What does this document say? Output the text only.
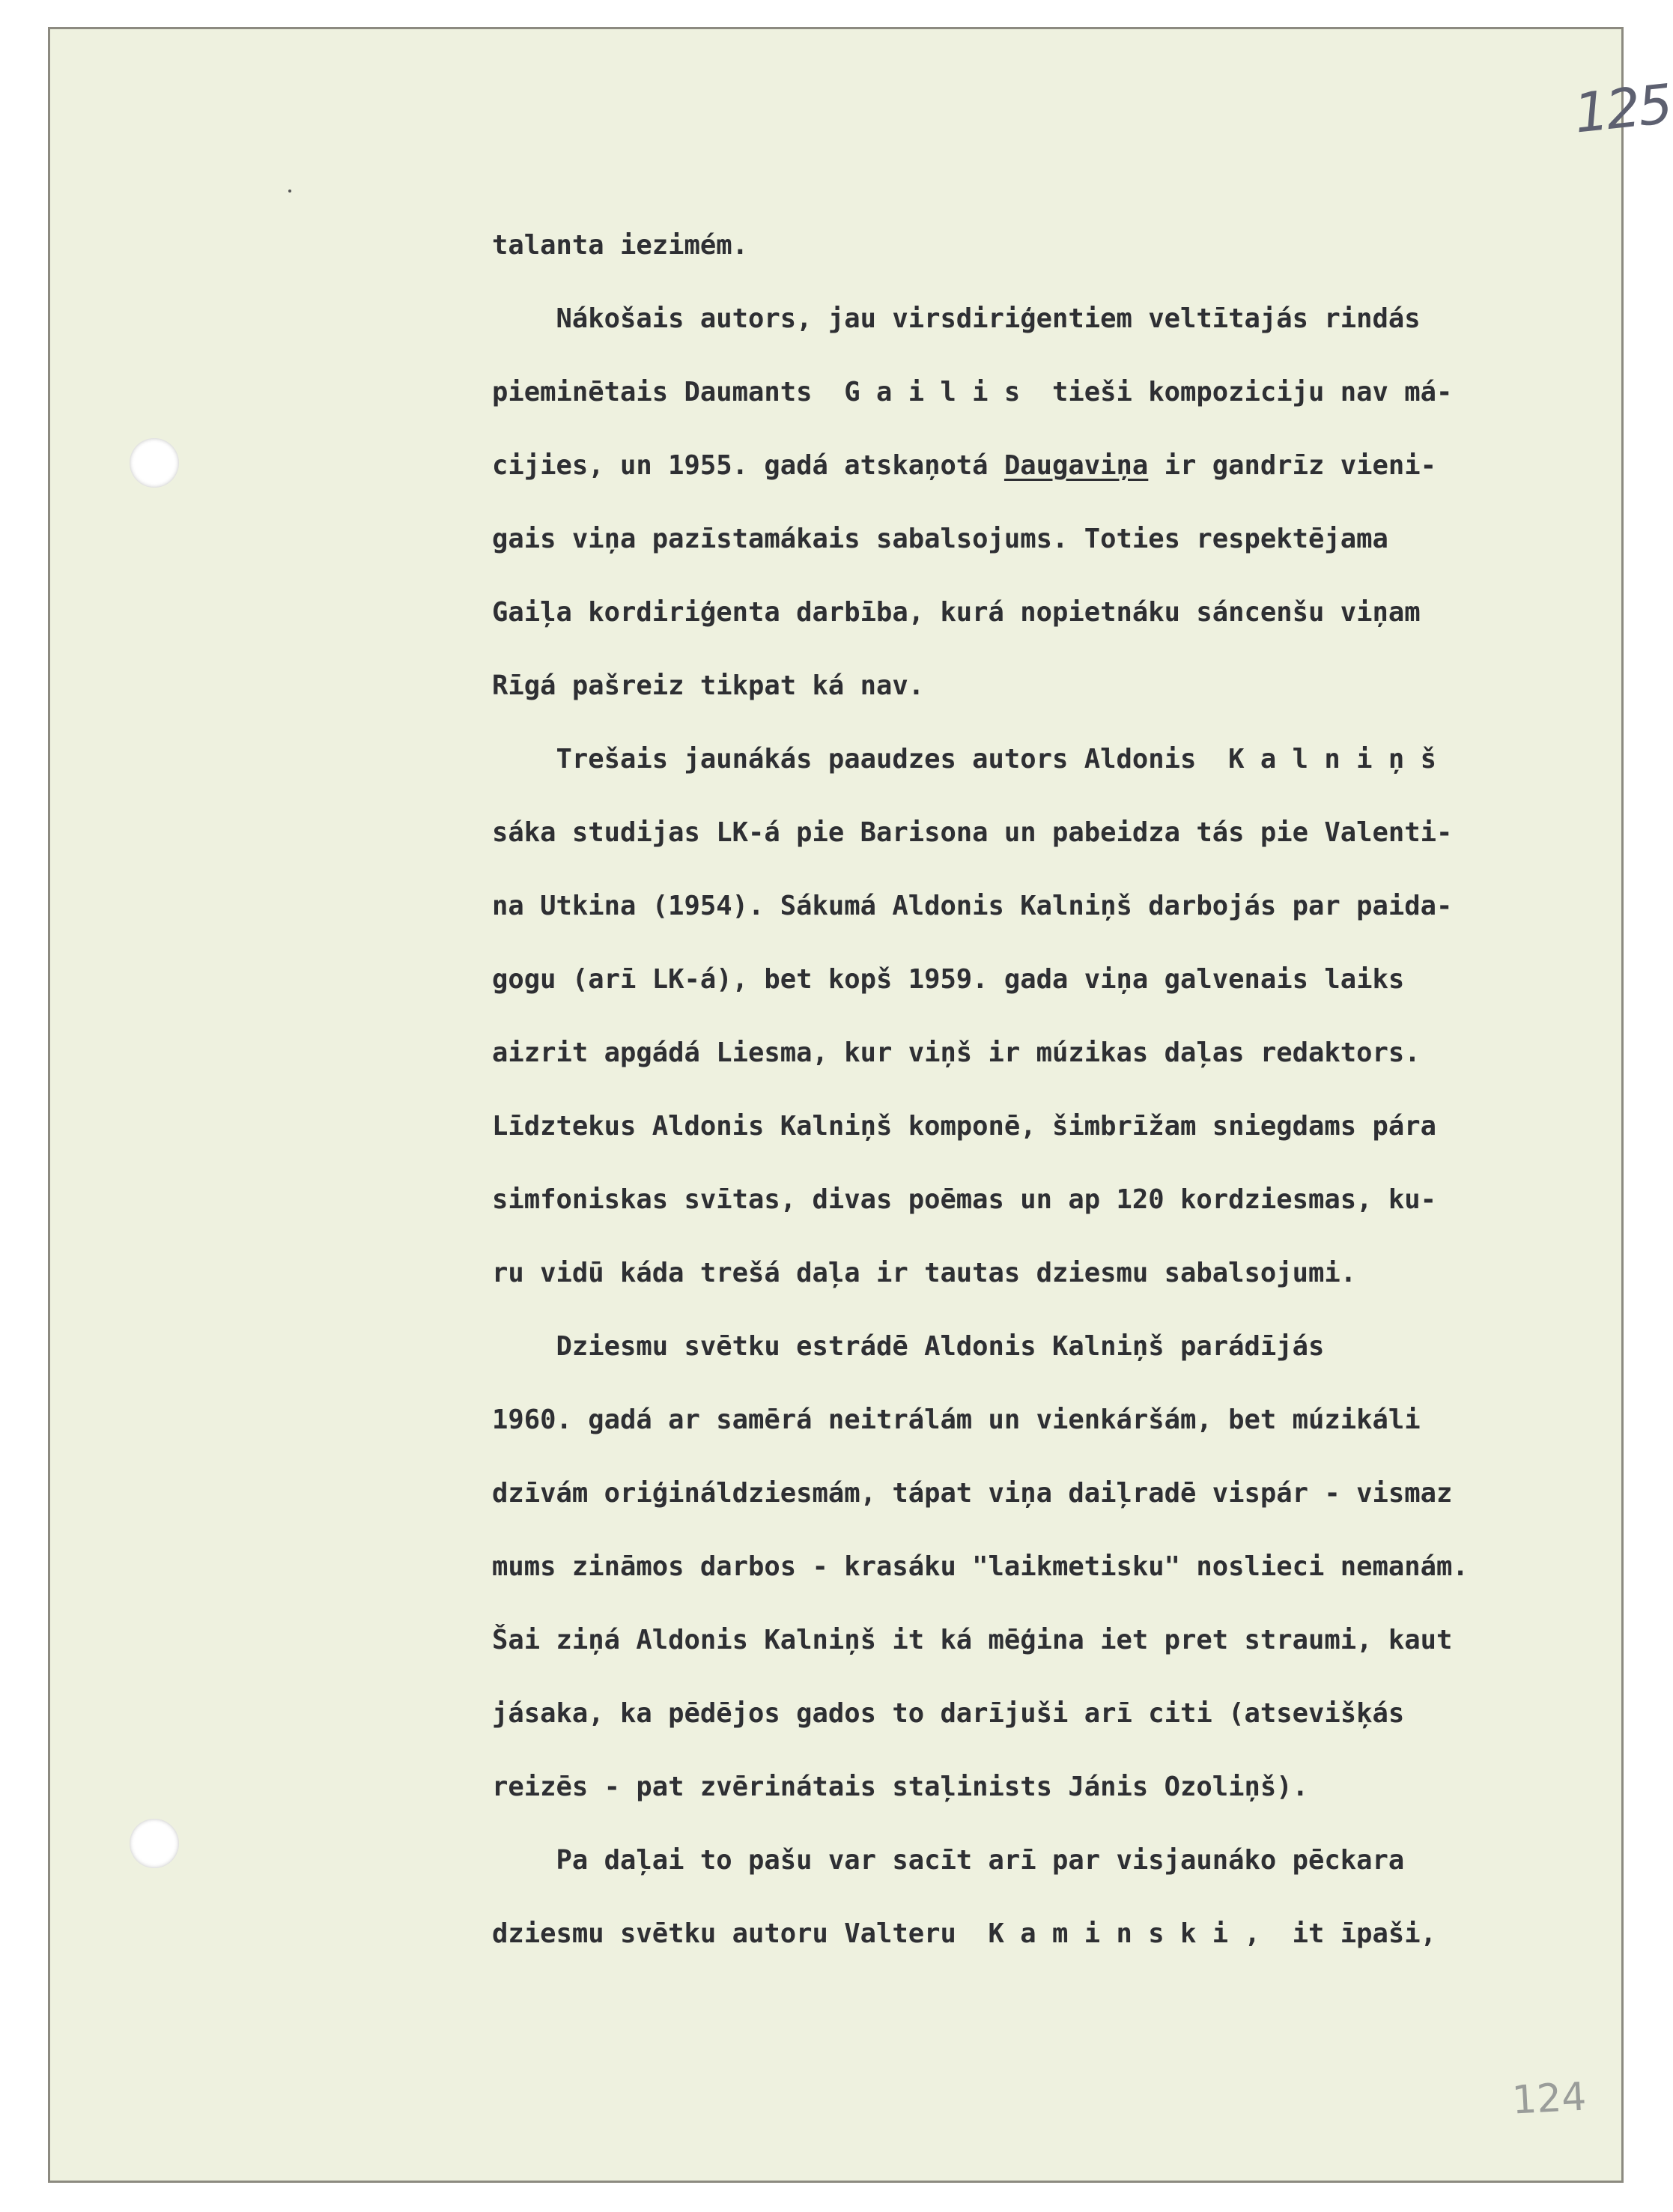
125
124
talanta iezimém.
Nákošais autors, jau virsdiriģentiem veltītajás rindás
pieminētais Daumants  G a i l i s  tieši kompoziciju nav má-
cijies, un 1955. gadá atskaņotá Daugaviņa ir gandrīz vieni-
gais viņa pazīstamákais sabalsojums. Toties respektējama
Gaiļa kordiriģenta darbība, kurá nopietnáku sáncenšu viņam
Rīgá pašreiz tikpat ká nav.
Trešais jaunákás paaudzes autors Aldonis  K a l n i ņ š
sáka studijas LK-á pie Barisona un pabeidza tás pie Valenti-
na Utkina (1954). Sákumá Aldonis Kalniņš darbojás par paida-
gogu (arī LK-á), bet kopš 1959. gada viņa galvenais laiks
aizrit apgádá Liesma, kur viņš ir múzikas daļas redaktors.
Līdztekus Aldonis Kalniņš komponē, šimbrīžam sniegdams pára
simfoniskas svītas, divas poēmas un ap 120 kordziesmas, ku-
ru vidū káda trešá daļa ir tautas dziesmu sabalsojumi.
Dziesmu svētku estrádē Aldonis Kalniņš parádījás
1960. gadá ar samērá neitrálám un vienkáršám, bet múzikáli
dzīvám oriģináldziesmám, tápat viņa daiļradē vispár - vismaz
mums zināmos darbos - krasáku "laikmetisku" noslieci nemanám.
Šai ziņá Aldonis Kalniņš it ká mēģina iet pret straumi, kaut
jásaka, ka pēdējos gados to darījuši arī citi (atsevišķás
reizēs - pat zvērinátais staļinists Jánis Ozoliņš).
Pa daļai to pašu var sacīt arī par visjaunáko pēckara
dziesmu svētku autoru Valteru  K a m i n s k i ,  it īpaši,
